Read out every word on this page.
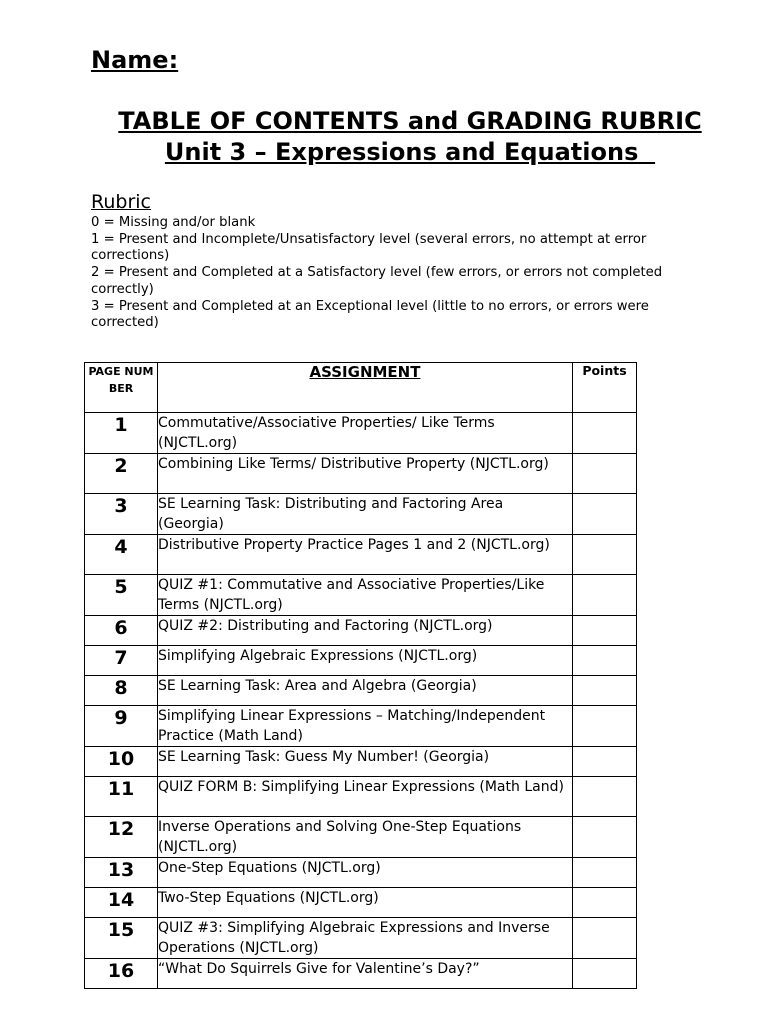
Name:
TABLE OF CONTENTS and GRADING RUBRIC
Unit 3 – Expressions and Equations
Rubric
0 = Missing and/or blank
1 = Present and Incomplete/Unsatisfactory level (several errors, no attempt at error corrections)
2 = Present and Completed at a Satisfactory level (few errors, or errors not completed correctly)
3 = Present and Completed at an Exceptional level (little to no errors, or errors were corrected)
PAGE NUMBER	ASSIGNMENT	Points
1	Commutative/Associative Properties/ Like Terms (NJCTL.org)	
2	Combining Like Terms/ Distributive Property (NJCTL.org)	
3	SE Learning Task: Distributing and Factoring Area (Georgia)	
4	Distributive Property Practice Pages 1 and 2 (NJCTL.org)	
5	QUIZ #1: Commutative and Associative Properties/Like Terms (NJCTL.org)	
6	QUIZ #2: Distributing and Factoring (NJCTL.org)	
7	Simplifying Algebraic Expressions (NJCTL.org)	
8	SE Learning Task: Area and Algebra (Georgia)	
9	Simplifying Linear Expressions – Matching/Independent Practice (Math Land)	
10	SE Learning Task: Guess My Number! (Georgia)	
11	QUIZ FORM B: Simplifying Linear Expressions (Math Land)	
12	Inverse Operations and Solving One-Step Equations (NJCTL.org)	
13	One-Step Equations (NJCTL.org)	
14	Two-Step Equations (NJCTL.org)	
15	QUIZ #3: Simplifying Algebraic Expressions and Inverse Operations (NJCTL.org)	
16	“What Do Squirrels Give for Valentine’s Day?”	
